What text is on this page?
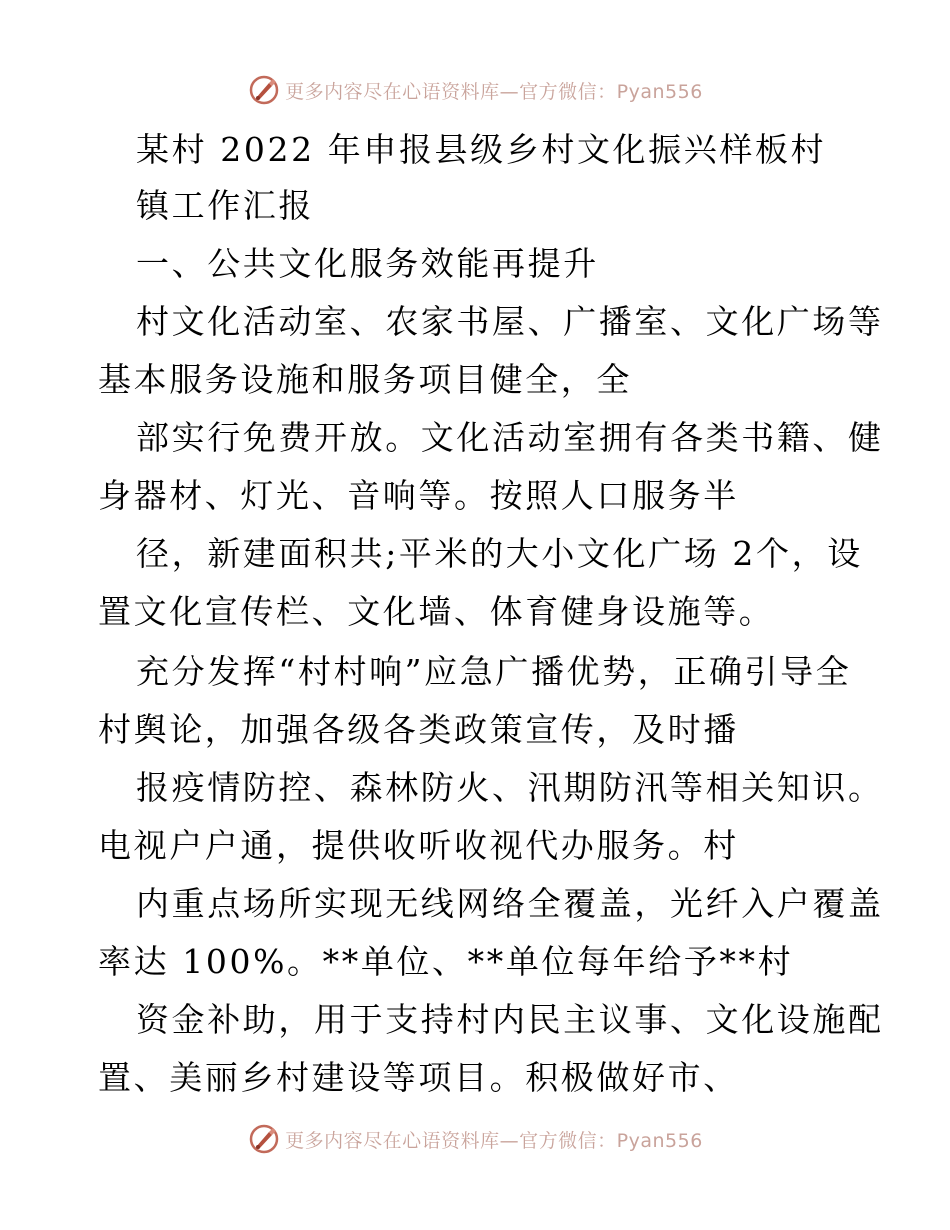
更多内容尽在心语资料库—官方微信：Pyan556
某村 2022 年申报县级乡村文化振兴样板村
镇工作汇报
一、公共文化服务效能再提升
村文化活动室、农家书屋、广播室、文化广场等
基本服务设施和服务项目健全，全
部实行免费开放。文化活动室拥有各类书籍、健
身器材、灯光、音响等。按照人口服务半
径，新建面积共;平米的大小文化广场 2个，设
置文化宣传栏、文化墙、体育健身设施等。
充分发挥“村村响”应急广播优势，正确引导全
村舆论，加强各级各类政策宣传，及时播
报疫情防控、森林防火、汛期防汛等相关知识。
电视户户通，提供收听收视代办服务。村
内重点场所实现无线网络全覆盖，光纤入户覆盖
率达 100%。**单位、**单位每年给予**村
资金补助，用于支持村内民主议事、文化设施配
置、美丽乡村建设等项目。积极做好市、
更多内容尽在心语资料库—官方微信：Pyan556
